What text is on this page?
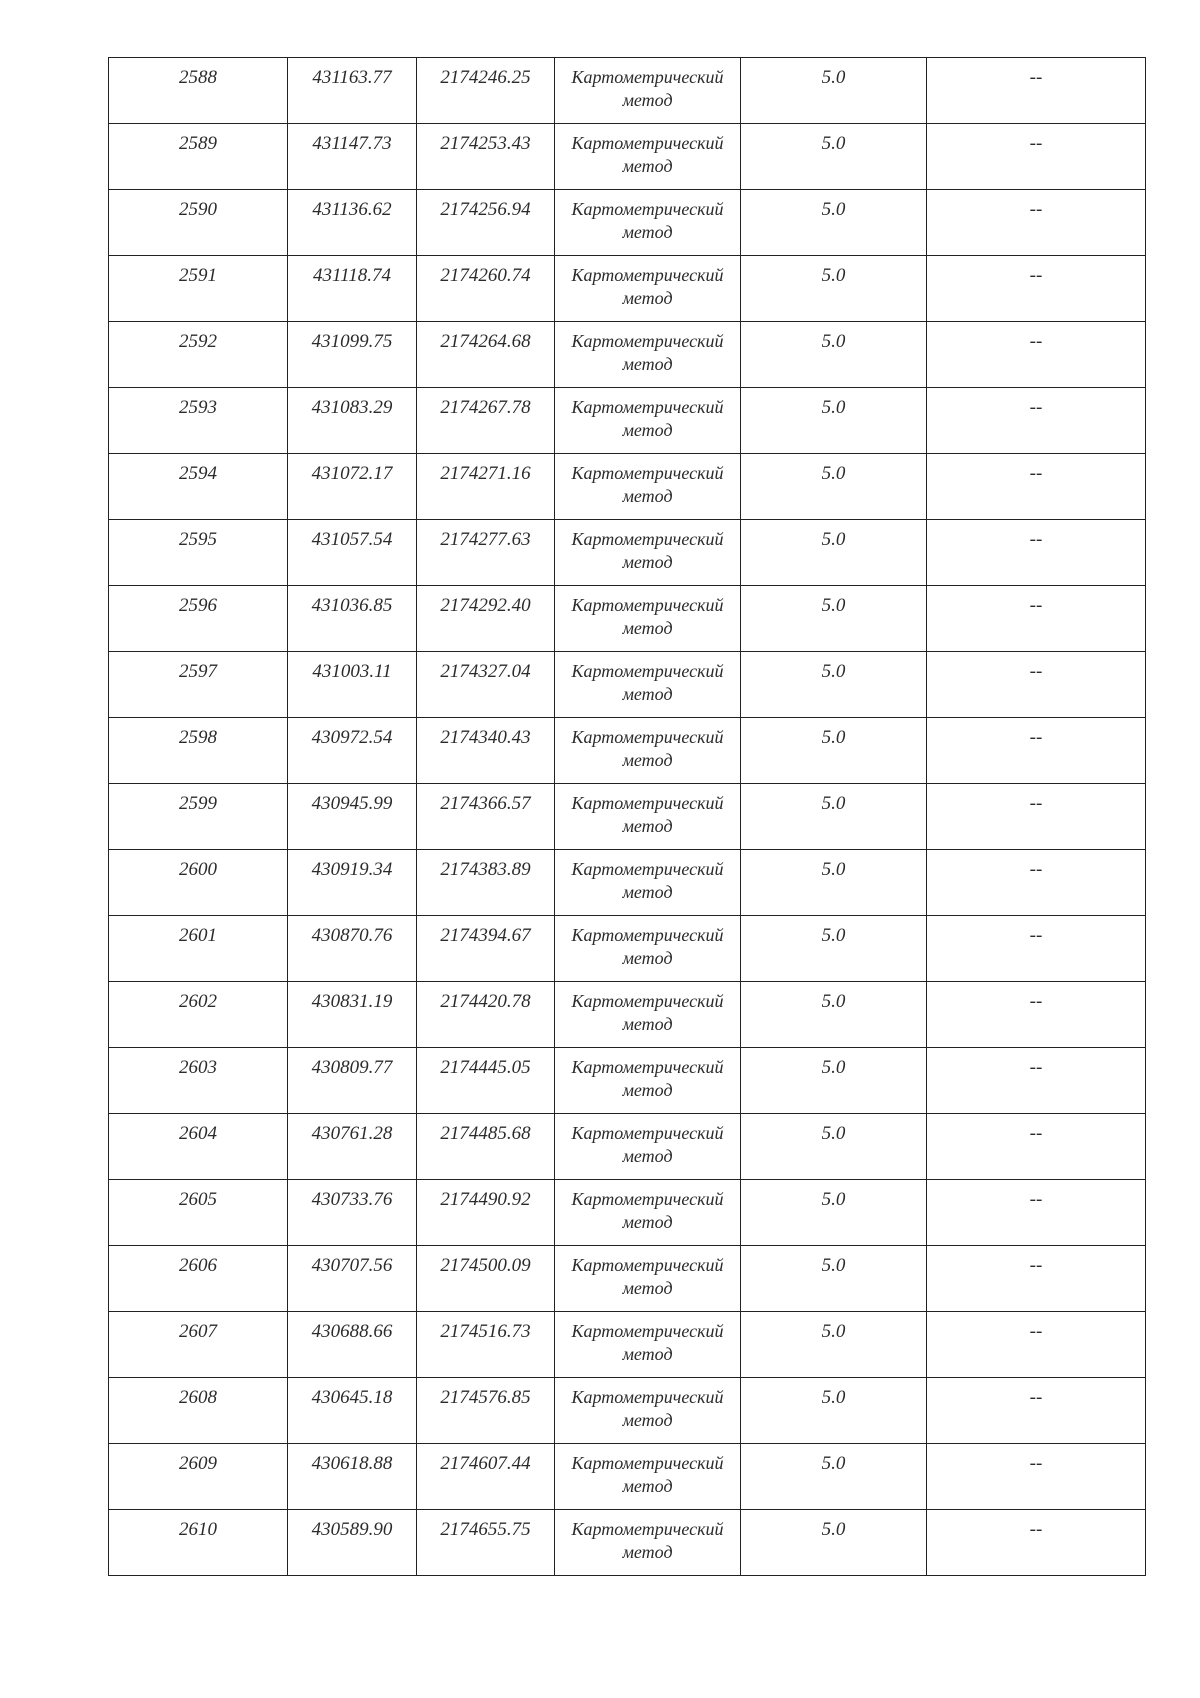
2588	431163.77	2174246.25	Картометрический метод	5.0	--
2589	431147.73	2174253.43	Картометрический метод	5.0	--
2590	431136.62	2174256.94	Картометрический метод	5.0	--
2591	431118.74	2174260.74	Картометрический метод	5.0	--
2592	431099.75	2174264.68	Картометрический метод	5.0	--
2593	431083.29	2174267.78	Картометрический метод	5.0	--
2594	431072.17	2174271.16	Картометрический метод	5.0	--
2595	431057.54	2174277.63	Картометрический метод	5.0	--
2596	431036.85	2174292.40	Картометрический метод	5.0	--
2597	431003.11	2174327.04	Картометрический метод	5.0	--
2598	430972.54	2174340.43	Картометрический метод	5.0	--
2599	430945.99	2174366.57	Картометрический метод	5.0	--
2600	430919.34	2174383.89	Картометрический метод	5.0	--
2601	430870.76	2174394.67	Картометрический метод	5.0	--
2602	430831.19	2174420.78	Картометрический метод	5.0	--
2603	430809.77	2174445.05	Картометрический метод	5.0	--
2604	430761.28	2174485.68	Картометрический метод	5.0	--
2605	430733.76	2174490.92	Картометрический метод	5.0	--
2606	430707.56	2174500.09	Картометрический метод	5.0	--
2607	430688.66	2174516.73	Картометрический метод	5.0	--
2608	430645.18	2174576.85	Картометрический метод	5.0	--
2609	430618.88	2174607.44	Картометрический метод	5.0	--
2610	430589.90	2174655.75	Картометрический метод	5.0	--
